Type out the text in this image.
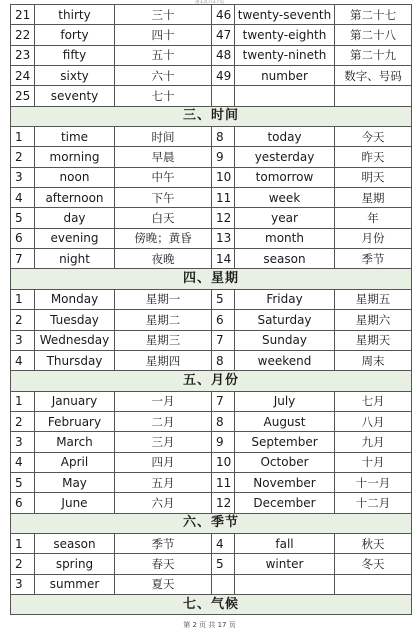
第1页共17页
21	thirty	三十	46	twenty-seventh	第二十七
22	forty	四十	47	twenty-eighth	第二十八
23	fifty	五十	48	twenty-nineth	第二十九
24	sixty	六十	49	number	数字、号码
25	seventy	七十			
三、时间					
1	time	时间	8	today	今天
2	morning	早晨	9	yesterday	昨天
3	noon	中午	10	tomorrow	明天
4	afternoon	下午	11	week	星期
5	day	白天	12	year	年
6	evening	傍晚；黄昏	13	month	月份
7	night	夜晚	14	season	季节
四、星期					
1	Monday	星期一	5	Friday	星期五
2	Tuesday	星期二	6	Saturday	星期六
3	Wednesday	星期三	7	Sunday	星期天
4	Thursday	星期四	8	weekend	周末
五、月份					
1	January	一月	7	July	七月
2	February	二月	8	August	八月
3	March	三月	9	September	九月
4	April	四月	10	October	十月
5	May	五月	11	November	十一月
6	June	六月	12	December	十二月
六、季节					
1	season	季节	4	fall	秋天
2	spring	春天	5	winter	冬天
3	summer	夏天			
七、气候					
第 2 页 共 17 页
